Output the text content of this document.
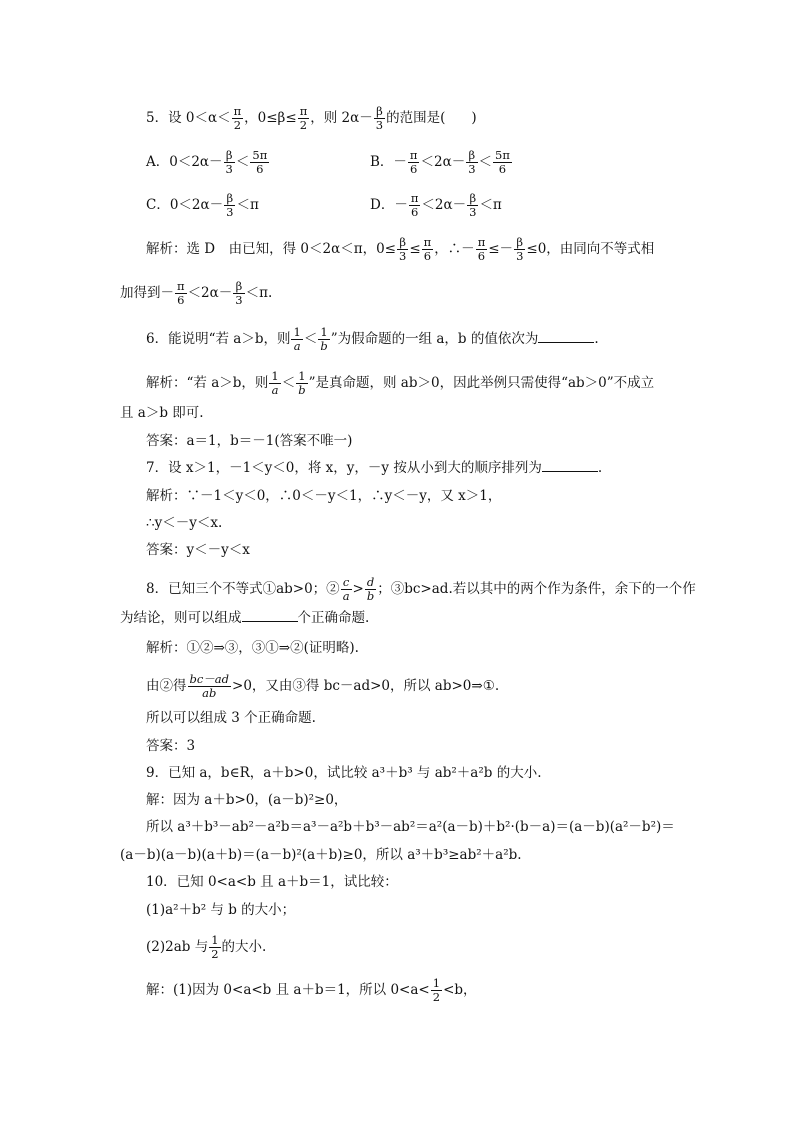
5．设 $0<\alpha< \frac{\pi}{2}$ ，$0\le\beta\le \frac{\pi}{2}$ ，则 $2\alpha- \frac{\beta}{3}$ 的范围是( )
A．$0<2\alpha- \frac{\beta}{3} < \frac{5\pi}{6}$	B．－ $\frac{\pi}{6} <2\alpha- \frac{\beta}{3} < \frac{5\pi}{6}$
C．$0<2\alpha- \frac{\beta}{3} <\pi$	D．－ $\frac{\pi}{6} <2\alpha- \frac{\beta}{3} <\pi$
解析：选 D　由已知，得 0＜2α＜π，$0\le \frac{\beta}{3} \le \frac{\pi}{6}$ ，∴－ $\frac{\pi}{6} \le- \frac{\beta}{3} \le 0$，由同向不等式相
加得到－ $\frac{\pi}{6} <2\alpha- \frac{\beta}{3} <\pi$.
6．能说明“若 a＞b，则 $\frac{1}{a} < \frac{1}{b}$ ”为假命题的一组 a，b 的值依次为	.
解析：“若 a＞b，则 $\frac{1}{a} < \frac{1}{b}$ ”是真命题，则 ab＞0，因此举例只需使得“ab＞0”不成立
且 a＞b 即可.
答案：a＝1，b＝－1(答案不唯一)
7．设 x＞1，－1＜y＜0，将 x，y，－y 按从小到大的顺序排列为	.
解析：∵－1＜y＜0，∴0＜－y＜1，∴y＜－y，又 x＞1，
∴y＜－y＜x.
答案：y＜－y＜x
8．已知三个不等式①ab>0；② $\frac{c}{a} > \frac{d}{b}$ ；③bc>ad.若以其中的两个作为条件，余下的一个作
为结论，则可以组成	个正确命题.
解析：①②⇒③，③①⇒②(证明略).
由②得 $\frac{bc-ad}{ab} >0$，又由③得 bc－ad>0，所以 ab>0⇒①.
所以可以组成 3 个正确命题.
答案：3
9．已知 a，b∈R，a＋b>0，试比较 a³＋b³ 与 ab²＋a²b 的大小.
解：因为 a＋b>0，(a－b)²≥0，
所以 a³＋b³－ab²－a²b＝a³－a²b＋b³－ab²＝a²(a－b)＋b²·(b－a)＝(a－b)(a²－b²)＝
(a－b)(a－b)(a＋b)＝(a－b)²(a＋b)≥0，所以 a³＋b³≥ab²＋a²b.
10．已知 0<a<b 且 a＋b＝1，试比较：
(1)a²＋b² 与 b 的大小；
(2)2ab 与 $\frac{1}{2}$ 的大小.
解：(1)因为 0<a<b 且 a＋b＝1，所以 $0<a< \frac{1}{2} <b$，
